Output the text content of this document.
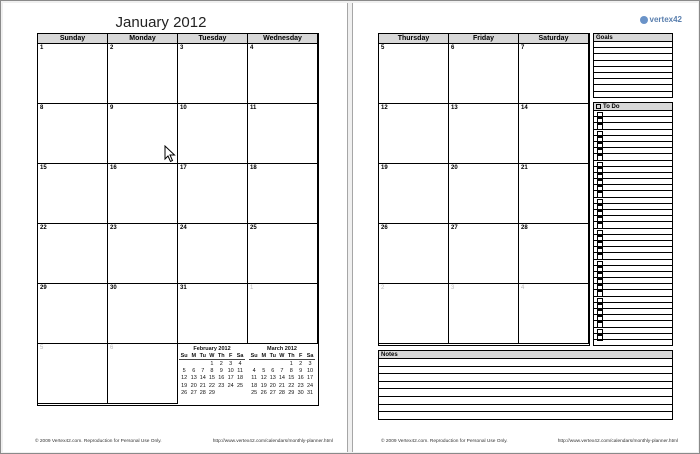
January 2012
Sunday	Monday	Tuesday	Wednesday
1	2	3	4
8	9	10	11
15	16	17	18
22	23	24	25
29	30	31	1
5	6	February 2012
Su	M	Tu	W	Th	F	Sa
			1	2	3	4
5	6	7	8	9	10	11
12	13	14	15	16	17	18
19	20	21	22	23	24	25
26	27	28	29			
March 2012
Su	M	Tu	W	Th	F	Sa
				1	2	3
4	5	6	7	8	9	10
11	12	13	14	15	16	17
18	19	20	21	22	23	24
25	26	27	28	29	30	31
© 2009 Vertex42.com. Reproduction for Personal Use Only.	http://www.vertex42.com/calendars/monthly-planner.html
vertex42
Thursday	Friday	Saturday
5	6	7
12	13	14
19	20	21
26	27	28
2	3	4
Goals
To Do
Notes
© 2009 Vertex42.com. Reproduction for Personal Use Only.	http://www.vertex42.com/calendars/monthly-planner.html
